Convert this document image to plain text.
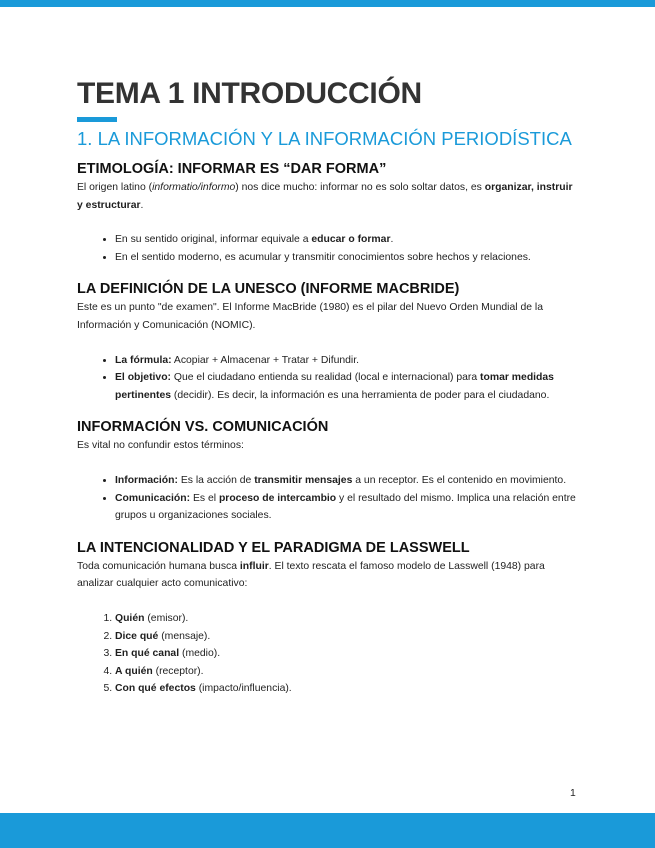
TEMA 1 INTRODUCCIÓN
1. LA INFORMACIÓN Y LA INFORMACIÓN PERIODÍSTICA
ETIMOLOGÍA: INFORMAR ES “DAR FORMA”

El origen latino (informatio/informo) nos dice mucho: informar no es solo soltar datos, es organizar, instruir y estructurar.

• En su sentido original, informar equivale a educar o formar.
• En el sentido moderno, es acumular y transmitir conocimientos sobre hechos y relaciones.
LA DEFINICIÓN DE LA UNESCO (INFORME MACBRIDE)

Este es un punto "de examen". El Informe MacBride (1980) es el pilar del Nuevo Orden Mundial de la Información y Comunicación (NOMIC).

• La fórmula: Acopiar + Almacenar + Tratar + Difundir.
• El objetivo: Que el ciudadano entienda su realidad (local e internacional) para tomar medidas pertinentes (decidir). Es decir, la información es una herramienta de poder para el ciudadano.
INFORMACIÓN VS. COMUNICACIÓN

Es vital no confundir estos términos:

• Información: Es la acción de transmitir mensajes a un receptor. Es el contenido en movimiento.
• Comunicación: Es el proceso de intercambio y el resultado del mismo. Implica una relación entre grupos u organizaciones sociales.
LA INTENCIONALIDAD Y EL PARADIGMA DE LASSWELL

Toda comunicación humana busca influir. El texto rescata el famoso modelo de Lasswell (1948) para analizar cualquier acto comunicativo:

1. Quién (emisor).
2. Dice qué (mensaje).
3. En qué canal (medio).
4. A quién (receptor).
5. Con qué efectos (impacto/influencia).
1
